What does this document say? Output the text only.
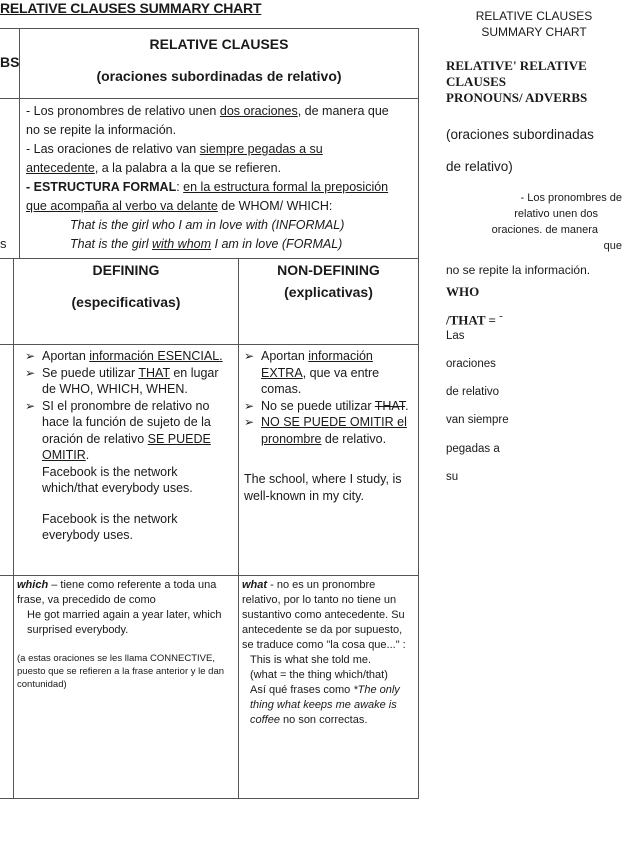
RELATIVE CLAUSES SUMMARY CHART
BS
s
RELATIVE CLAUSES
(oraciones subordinadas de relativo)
- Los pronombres de relativo unen dos oraciones, de manera que
no se repite la información.
- Las oraciones de relativo van siempre pegadas a su
antecedente, a la palabra a la que se refieren.
- ESTRUCTURA FORMAL: en la estructura formal la preposición
que acompaña al verbo va delante de WHOM/ WHICH:
That is the girl who I am in love with (INFORMAL)
That is the girl with whom I am in love (FORMAL)
DEFINING
(especificativas)
NON-DEFINING
(explicativas)
➢ Aportan información ESENCIAL.
➢ Se puede utilizar THAT en lugar de WHO, WHICH, WHEN.
➢ SI el pronombre de relativo no hace la función de sujeto de la oración de relativo SE PUEDE OMITIR.
Facebook is the network which/that everybody uses.
Facebook is the network everybody uses.
➢ Aportan información EXTRA, que va entre comas.
➢ No se puede utilizar THAT.
➢ NO SE PUEDE OMITIR el pronombre de relativo.
The school, where I study, is well-known in my city.
which – tiene como referente a toda una frase, va precedido de como
He got married again a year later, which surprised everybody.
(a estas oraciones se les llama CONNECTIVE, puesto que se refieren a la frase anterior y le dan contunidad)
what - no es un pronombre relativo, por lo tanto no tiene un sustantivo como antecedente. Su antecedente se da por supuesto, se traduce como "la cosa que..." :
This is what she told me.
(what = the thing which/that)
Así qué frases como *The only thing what keeps me awake is coffee no son correctas.
RELATIVE CLAUSES
SUMMARY CHART
RELATIVE' RELATIVE
CLAUSES
PRONOUNS/ ADVERBS
(oraciones subordinadas
de relativo)
- Los pronombres de
relativo unen dos
oraciones. de manera
que
no se repite la información.
WHO
/THAT = -
Las
oraciones
de relativo
van siempre
pegadas a
su
